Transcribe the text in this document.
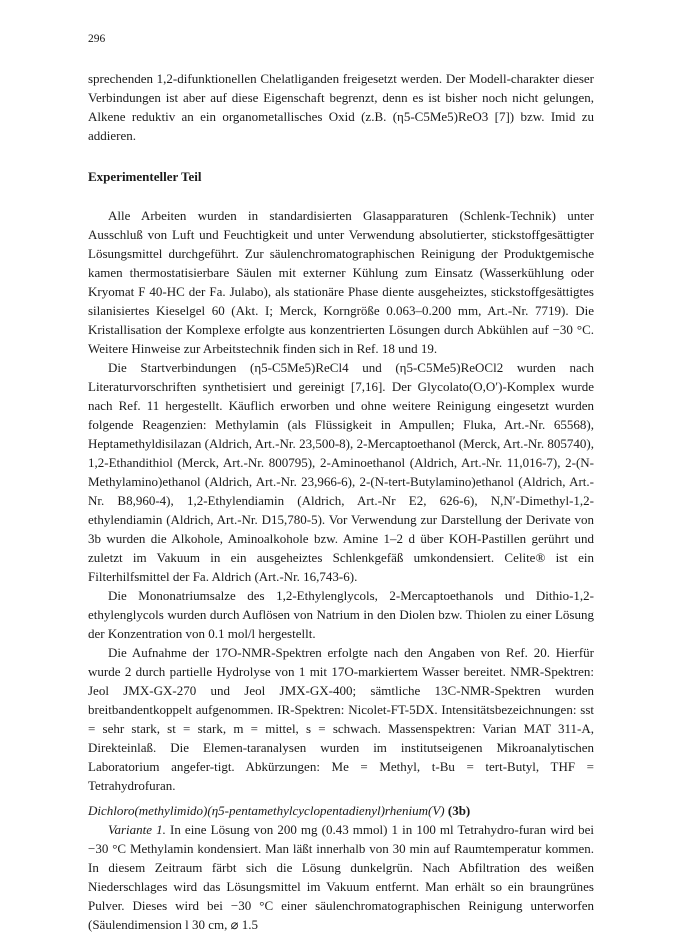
296

sprechenden 1,2-difunktionellen Chelatliganden freigesetzt werden. Der Modell-charakter dieser Verbindungen ist aber auf diese Eigenschaft begrenzt, denn es ist bisher noch nicht gelungen, Alkene reduktiv an ein organometallisches Oxid (z.B. (η5-C5Me5)ReO3 [7]) bzw. Imid zu addieren.

Experimenteller Teil

Alle Arbeiten wurden in standardisierten Glasapparaturen (Schlenk-Technik) unter Ausschluß von Luft und Feuchtigkeit und unter Verwendung absolutierter, stickstoffgesättigter Lösungsmittel durchgeführt. Zur säulenchromatographischen Reinigung der Produktgemische kamen thermostatisierbare Säulen mit externer Kühlung zum Einsatz (Wasserkühlung oder Kryomat F 40-HC der Fa. Julabo), als stationäre Phase diente ausgeheiztes, stickstoffgesättigtes silanisiertes Kieselgel 60 (Akt. I; Merck, Korngröße 0.063–0.200 mm, Art.-Nr. 7719). Die Kristallisation der Komplexe erfolgte aus konzentrierten Lösungen durch Abkühlen auf −30 °C. Weitere Hinweise zur Arbeitstechnik finden sich in Ref. 18 und 19.

Die Startverbindungen (η5-C5Me5)ReCl4 und (η5-C5Me5)ReOCl2 wurden nach Literaturvorschriften synthetisiert und gereinigt [7,16]. Der Glycolato(O,O′)-Komplex wurde nach Ref. 11 hergestellt. Käuflich erworben und ohne weitere Reinigung eingesetzt wurden folgende Reagenzien: Methylamin (als Flüssigkeit in Ampullen; Fluka, Art.-Nr. 65568), Heptamethyldisilazan (Aldrich, Art.-Nr. 23,500-8), 2-Mercaptoethanol (Merck, Art.-Nr. 805740), 1,2-Ethandithiol (Merck, Art.-Nr. 800795), 2-Aminoethanol (Aldrich, Art.-Nr. 11,016-7), 2-(N-Methylamino)ethanol (Aldrich, Art.-Nr. 23,966-6), 2-(N-tert-Butylamino)ethanol (Aldrich, Art.-Nr. B8,960-4), 1,2-Ethylendiamin (Aldrich, Art.-Nr E2, 626-6), N,N′-Dimethyl-1,2-ethylendiamin (Aldrich, Art.-Nr. D15,780-5). Vor Verwendung zur Darstellung der Derivate von 3b wurden die Alkohole, Aminoalkohole bzw. Amine 1–2 d über KOH-Pastillen gerührt und zuletzt im Vakuum in ein ausgeheiztes Schlenkgefäß umkondensiert. Celite® ist ein Filterhilfsmittel der Fa. Aldrich (Art.-Nr. 16,743-6).

Die Mononatriumsalze des 1,2-Ethylenglycols, 2-Mercaptoethanols und Dithio-1,2-ethylenglycols wurden durch Auflösen von Natrium in den Diolen bzw. Thiolen zu einer Lösung der Konzentration von 0.1 mol/l hergestellt.

Die Aufnahme der 17O-NMR-Spektren erfolgte nach den Angaben von Ref. 20. Hierfür wurde 2 durch partielle Hydrolyse von 1 mit 17O-markiertem Wasser bereitet. NMR-Spektren: Jeol JMX-GX-270 und Jeol JMX-GX-400; sämtliche 13C-NMR-Spektren wurden breitbandentkoppelt aufgenommen. IR-Spektren: Nicolet-FT-5DX. Intensitätsbezeichnungen: sst = sehr stark, st = stark, m = mittel, s = schwach. Massenspektren: Varian MAT 311-A, Direkteinlaß. Die Elemen-taranalysen wurden im institutseigenen Mikroanalytischen Laboratorium angefer-tigt. Abkürzungen: Me = Methyl, t-Bu = tert-Butyl, THF = Tetrahydrofuran.

Dichloro(methylimido)(η5-pentamethylcyclopentadienyl)rhenium(V) (3b)

Variante 1. In eine Lösung von 200 mg (0.43 mmol) 1 in 100 ml Tetrahydro-furan wird bei −30 °C Methylamin kondensiert. Man läßt innerhalb von 30 min auf Raumtemperatur kommen. In diesem Zeitraum färbt sich die Lösung dunkelgrün. Nach Abfiltration des weißen Niederschlages wird das Lösungsmittel im Vakuum entfernt. Man erhält so ein braungrünes Pulver. Dieses wird bei −30 °C einer säulenchromatographischen Reinigung unterworfen (Säulendimension l 30 cm, ⌀ 1.5
